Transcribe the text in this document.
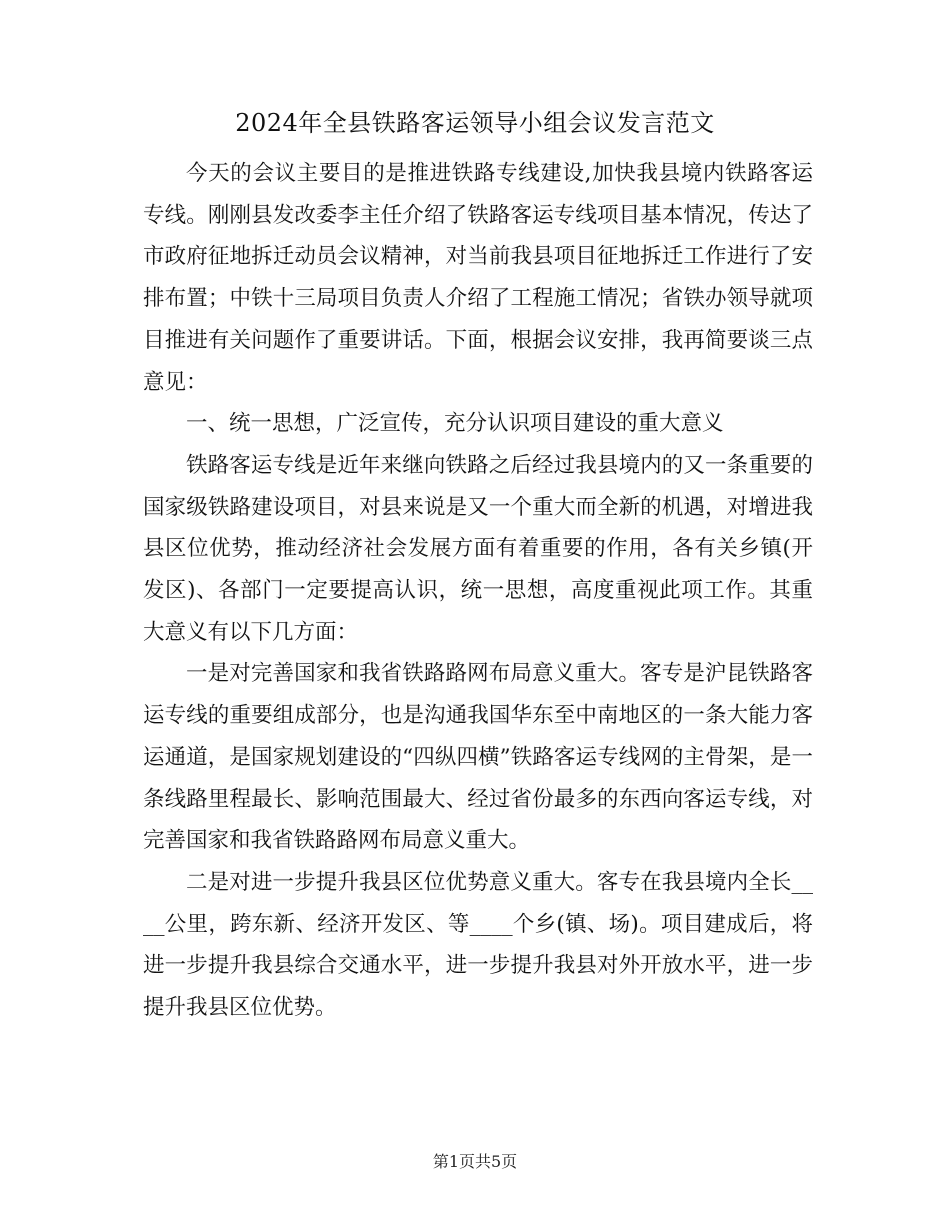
2024年全县铁路客运领导小组会议发言范文

今天的会议主要目的是推进铁路专线建设,加快我县境内铁路客运专线。刚刚县发改委李主任介绍了铁路客运专线项目基本情况，传达了市政府征地拆迁动员会议精神，对当前我县项目征地拆迁工作进行了安排布置；中铁十三局项目负责人介绍了工程施工情况；省铁办领导就项目推进有关问题作了重要讲话。下面，根据会议安排，我再简要谈三点意见：

一、统一思想，广泛宣传，充分认识项目建设的重大意义

铁路客运专线是近年来继向铁路之后经过我县境内的又一条重要的国家级铁路建设项目，对县来说是又一个重大而全新的机遇，对增进我县区位优势，推动经济社会发展方面有着重要的作用，各有关乡镇(开发区)、各部门一定要提高认识，统一思想，高度重视此项工作。其重大意义有以下几方面：

一是对完善国家和我省铁路路网布局意义重大。客专是沪昆铁路客运专线的重要组成部分，也是沟通我国华东至中南地区的一条大能力客运通道，是国家规划建设的“四纵四横”铁路客运专线网的主骨架，是一条线路里程最长、影响范围最大、经过省份最多的东西向客运专线，对完善国家和我省铁路路网布局意义重大。

二是对进一步提升我县区位优势意义重大。客专在我县境内全长____公里，跨东新、经济开发区、等____个乡(镇、场)。项目建成后，将进一步提升我县综合交通水平，进一步提升我县对外开放水平，进一步提升我县区位优势。

第1页共5页
